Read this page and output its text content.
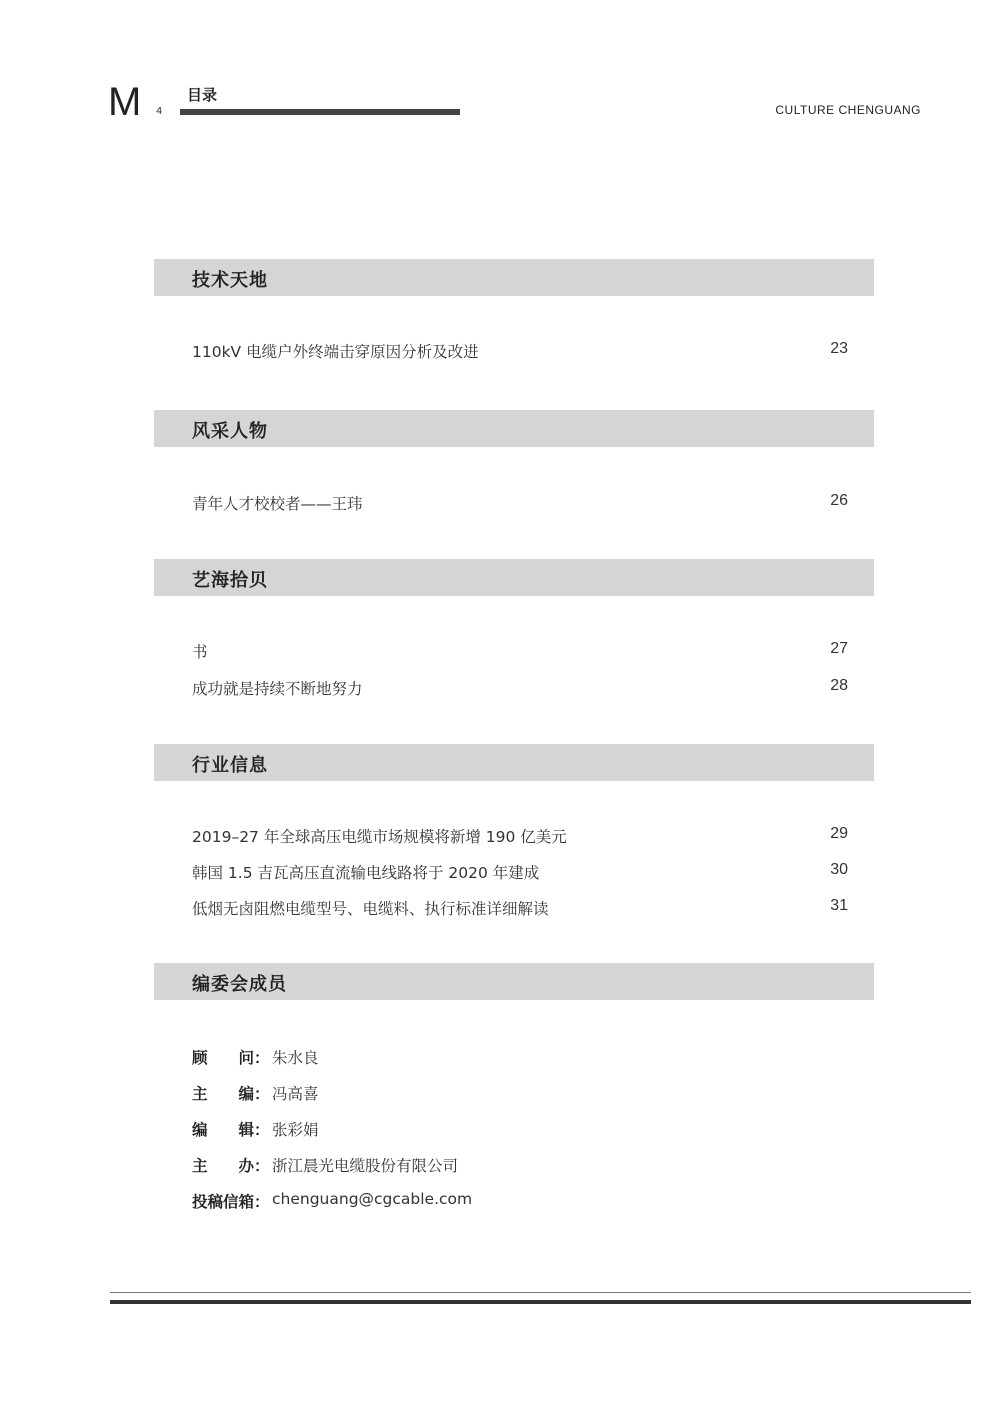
M 4
目录
CULTURE CHENGUANG
技术天地
110kV 电缆户外终端击穿原因分析及改进	23
风采人物
青年人才校校者——王玮	26
艺海拾贝
书	27
成功就是持续不断地努力	28
行业信息
2019–27 年全球高压电缆市场规模将新增 190 亿美元	29
韩国 1.5 吉瓦高压直流输电线路将于 2020 年建成	30
低烟无卤阻燃电缆型号、电缆料、执行标准详细解读	31
编委会成员
顾　　问： 朱水良
主　　编： 冯高喜
编　　辑： 张彩娟
主　　办： 浙江晨光电缆股份有限公司
投稿信箱： chenguang@cgcable.com
